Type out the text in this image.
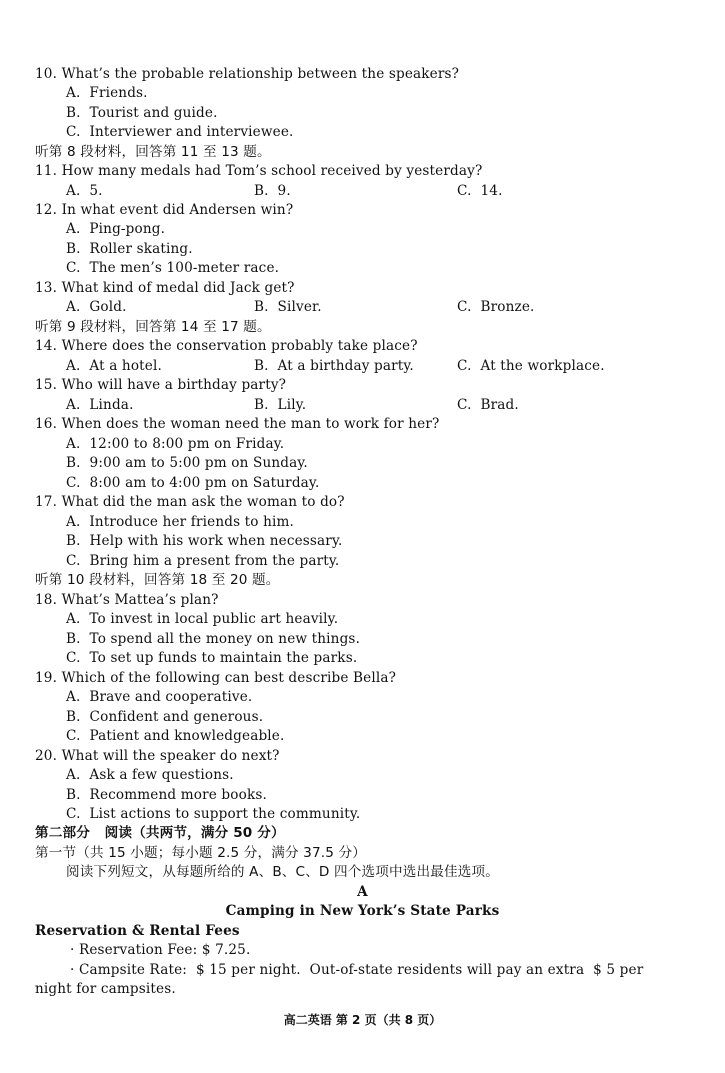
10. What’s the probable relationship between the speakers?
A.  Friends.
B.  Tourist and guide.
C.  Interviewer and interviewee.
听第 8 段材料，回答第 11 至 13 题。
11. How many medals had Tom’s school received by yesterday?
A.  5.	B.  9.	C.  14.
12. In what event did Andersen win?
A.  Ping-pong.
B.  Roller skating.
C.  The men’s 100-meter race.
13. What kind of medal did Jack get?
A.  Gold.	B.  Silver.	C.  Bronze.
听第 9 段材料，回答第 14 至 17 题。
14. Where does the conservation probably take place?
A.  At a hotel.	B.  At a birthday party.	C.  At the workplace.
15. Who will have a birthday party?
A.  Linda.	B.  Lily.	C.  Brad.
16. When does the woman need the man to work for her?
A.  12:00 to 8:00 pm on Friday.
B.  9:00 am to 5:00 pm on Sunday.
C.  8:00 am to 4:00 pm on Saturday.
17. What did the man ask the woman to do?
A.  Introduce her friends to him.
B.  Help with his work when necessary.
C.  Bring him a present from the party.
听第 10 段材料，回答第 18 至 20 题。
18. What’s Mattea’s plan?
A.  To invest in local public art heavily.
B.  To spend all the money on new things.
C.  To set up funds to maintain the parks.
19. Which of the following can best describe Bella?
A.  Brave and cooperative.
B.  Confident and generous.
C.  Patient and knowledgeable.
20. What will the speaker do next?
A.  Ask a few questions.
B.  Recommend more books.
C.  List actions to support the community.
第二部分   阅读（共两节，满分 50 分）
第一节（共 15 小题；每小题 2.5 分，满分 37.5 分）
阅读下列短文，从每题所给的 A、B、C、D 四个选项中选出最佳选项。
A
Camping in New York’s State Parks
Reservation & Rental Fees
· Reservation Fee: $ 7.25.
· Campsite Rate:  $ 15 per night.  Out-of-state residents will pay an extra  $ 5 per
night for campsites.
高二英语 第 2 页（共 8 页）
